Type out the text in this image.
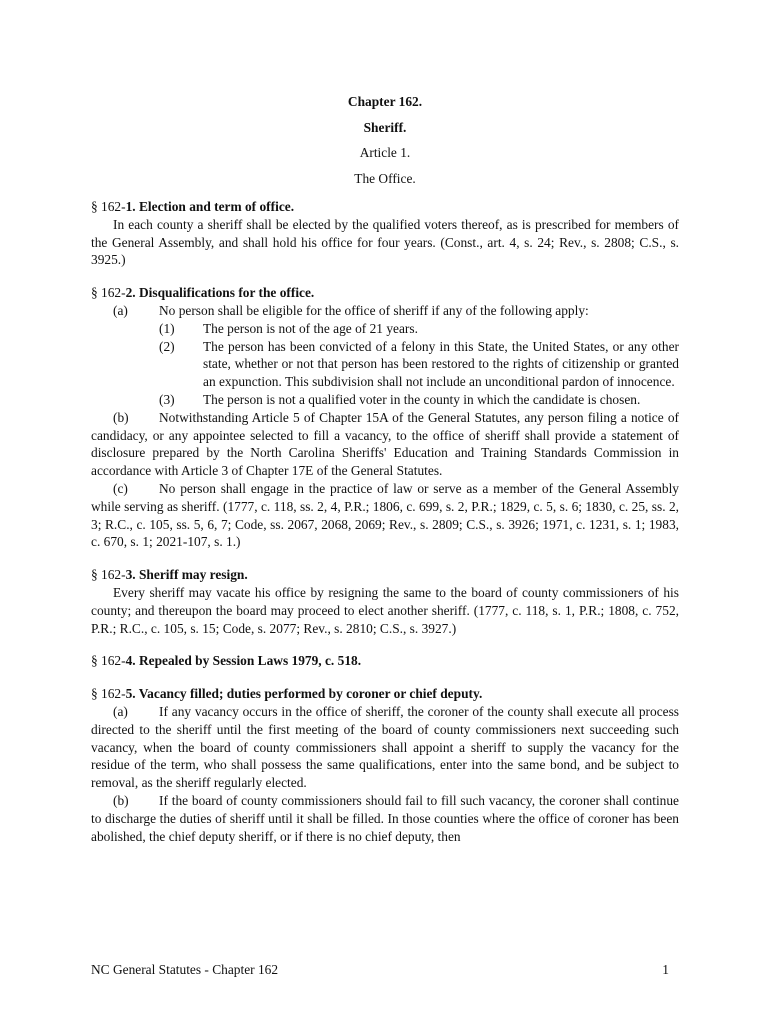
Chapter 162.
Sheriff.
Article 1.
The Office.
§ 162-1. Election and term of office.

In each county a sheriff shall be elected by the qualified voters thereof, as is prescribed for members of the General Assembly, and shall hold his office for four years. (Const., art. 4, s. 24; Rev., s. 2808; C.S., s. 3925.)

§ 162-2. Disqualifications for the office.

(a) No person shall be eligible for the office of sheriff if any of the following apply:

(1) The person is not of the age of 21 years.
(2) The person has been convicted of a felony in this State, the United States, or any other state, whether or not that person has been restored to the rights of citizenship or granted an expunction. This subdivision shall not include an unconditional pardon of innocence.
(3) The person is not a qualified voter in the county in which the candidate is chosen.

(b) Notwithstanding Article 5 of Chapter 15A of the General Statutes, any person filing a notice of candidacy, or any appointee selected to fill a vacancy, to the office of sheriff shall provide a statement of disclosure prepared by the North Carolina Sheriffs' Education and Training Standards Commission in accordance with Article 3 of Chapter 17E of the General Statutes.

(c) No person shall engage in the practice of law or serve as a member of the General Assembly while serving as sheriff. (1777, c. 118, ss. 2, 4, P.R.; 1806, c. 699, s. 2, P.R.; 1829, c. 5, s. 6; 1830, c. 25, ss. 2, 3; R.C., c. 105, ss. 5, 6, 7; Code, ss. 2067, 2068, 2069; Rev., s. 2809; C.S., s. 3926; 1971, c. 1231, s. 1; 1983, c. 670, s. 1; 2021-107, s. 1.)

§ 162-3. Sheriff may resign.

Every sheriff may vacate his office by resigning the same to the board of county commissioners of his county; and thereupon the board may proceed to elect another sheriff. (1777, c. 118, s. 1, P.R.; 1808, c. 752, P.R.; R.C., c. 105, s. 15; Code, s. 2077; Rev., s. 2810; C.S., s. 3927.)

§ 162-4. Repealed by Session Laws 1979, c. 518.
§ 162-5. Vacancy filled; duties performed by coroner or chief deputy.

(a) If any vacancy occurs in the office of sheriff, the coroner of the county shall execute all process directed to the sheriff until the first meeting of the board of county commissioners next succeeding such vacancy, when the board of county commissioners shall appoint a sheriff to supply the vacancy for the residue of the term, who shall possess the same qualifications, enter into the same bond, and be subject to removal, as the sheriff regularly elected.

(b) If the board of county commissioners should fail to fill such vacancy, the coroner shall continue to discharge the duties of sheriff until it shall be filled. In those counties where the office of coroner has been abolished, the chief deputy sheriff, or if there is no chief deputy, then

NC General Statutes - Chapter 162	1
